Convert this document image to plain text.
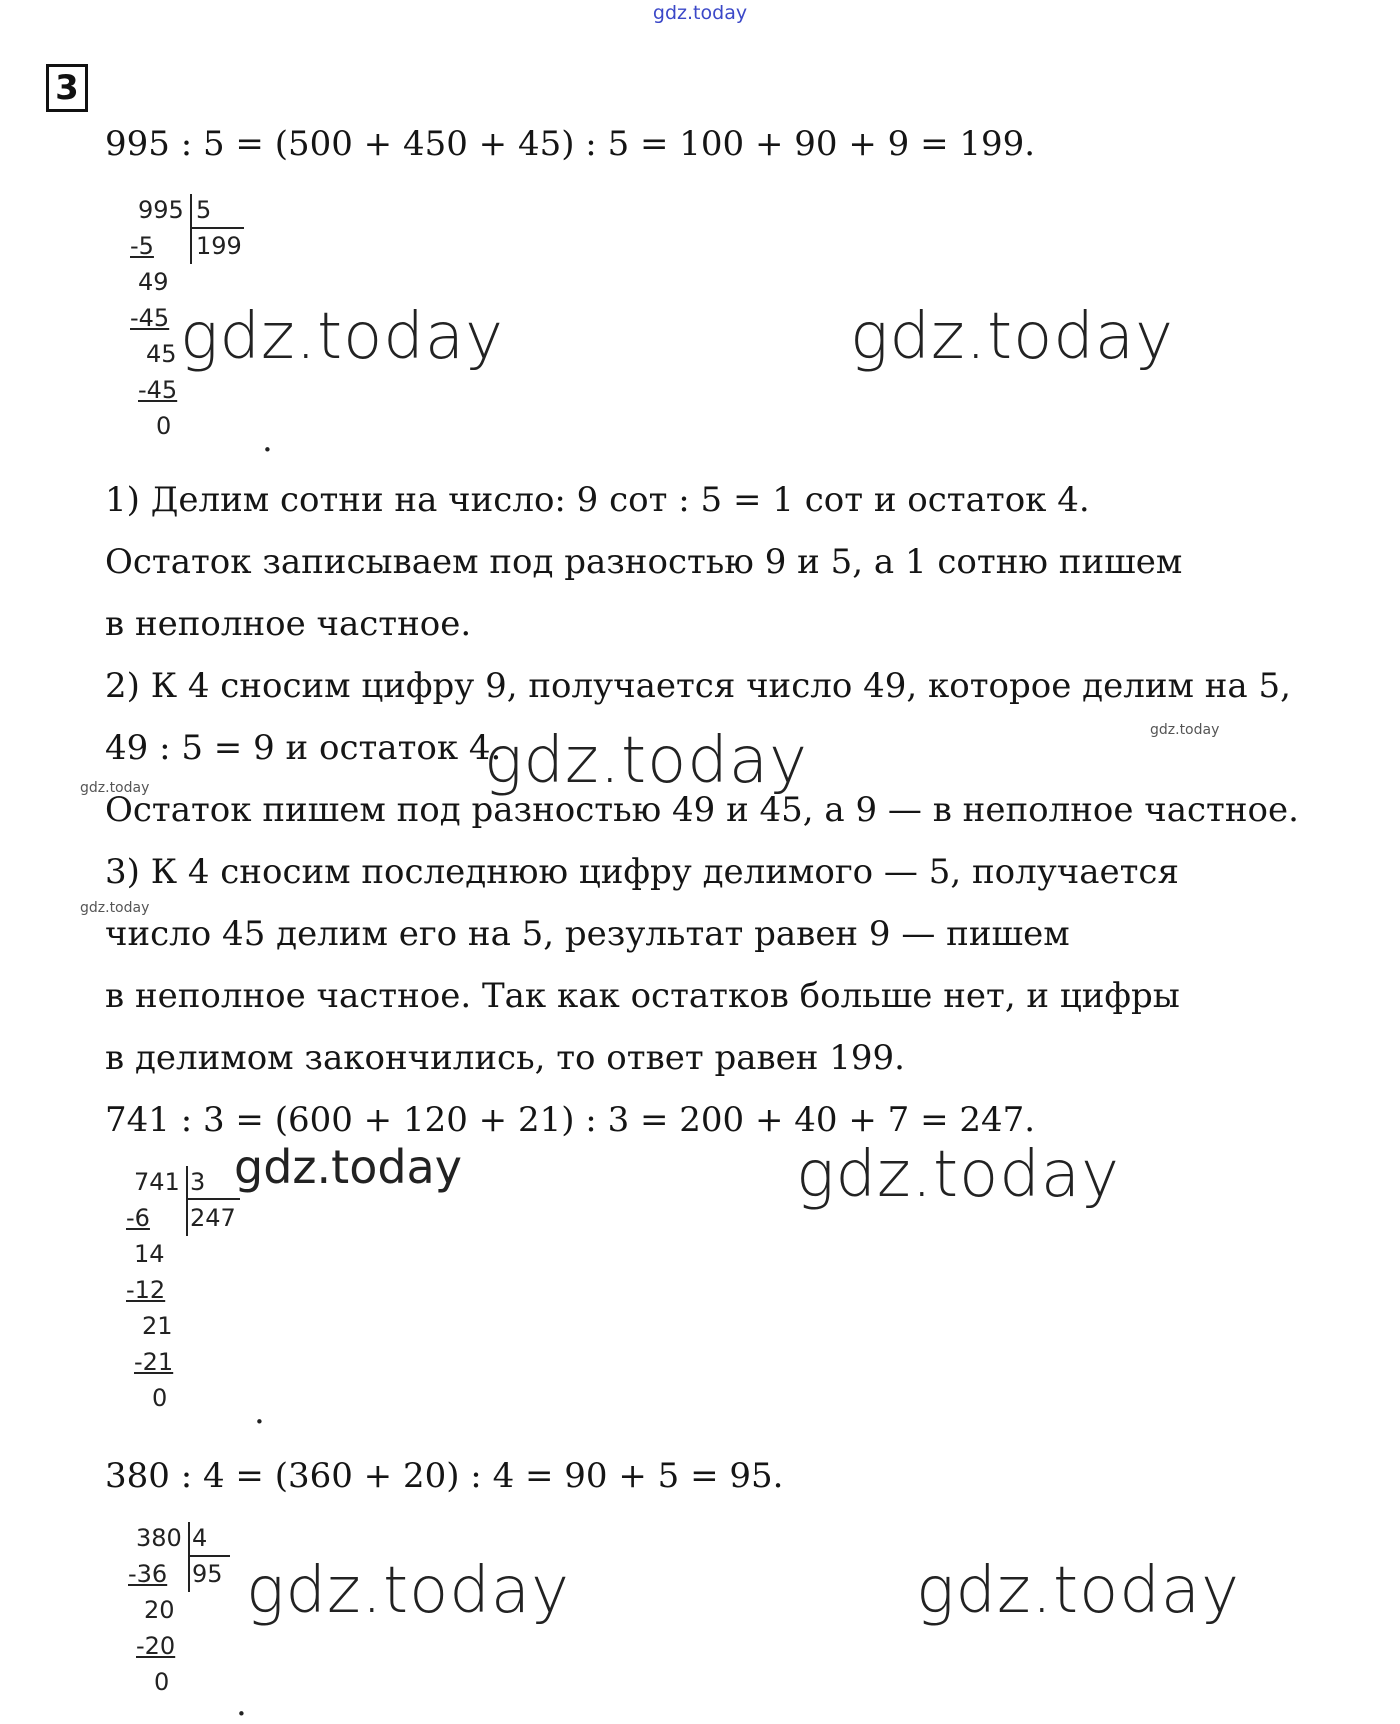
gdz.today
3
995 : 5 = (500 + 450 + 45) : 5 = 100 + 90 + 9 = 199.
995 5
199
-5
49
-45
45
-45
0	.
gdz.today	gdz.today
1) Делим сотни на число: 9 сот : 5 = 1 сот и остаток 4.
Остаток записываем под разностью 9 и 5, а 1 сотню пишем
в неполное частное.
2) К 4 сносим цифру 9, получается число 49, которое делим на 5,
49 : 5 = 9 и остаток 4.
Остаток пишем под разностью 49 и 45, а 9 — в неполное частное.
3) К 4 сносим последнюю цифру делимого — 5, получается
число 45 делим его на 5, результат равен 9 — пишем
в неполное частное. Так как остатков больше нет, и цифры
в делимом закончились, то ответ равен 199.
gdz.today	gdz.today
gdz.today
gdz.today
741 : 3 = (600 + 120 + 21) : 3 = 200 + 40 + 7 = 247.
741 3
247
-6
14
-12
21
-21
0	.
gdz.today	gdz.today
380 : 4 = (360 + 20) : 4 = 90 + 5 = 95.
380 4
95
-36
20
-20
0
.
gdz.today	gdz.today
